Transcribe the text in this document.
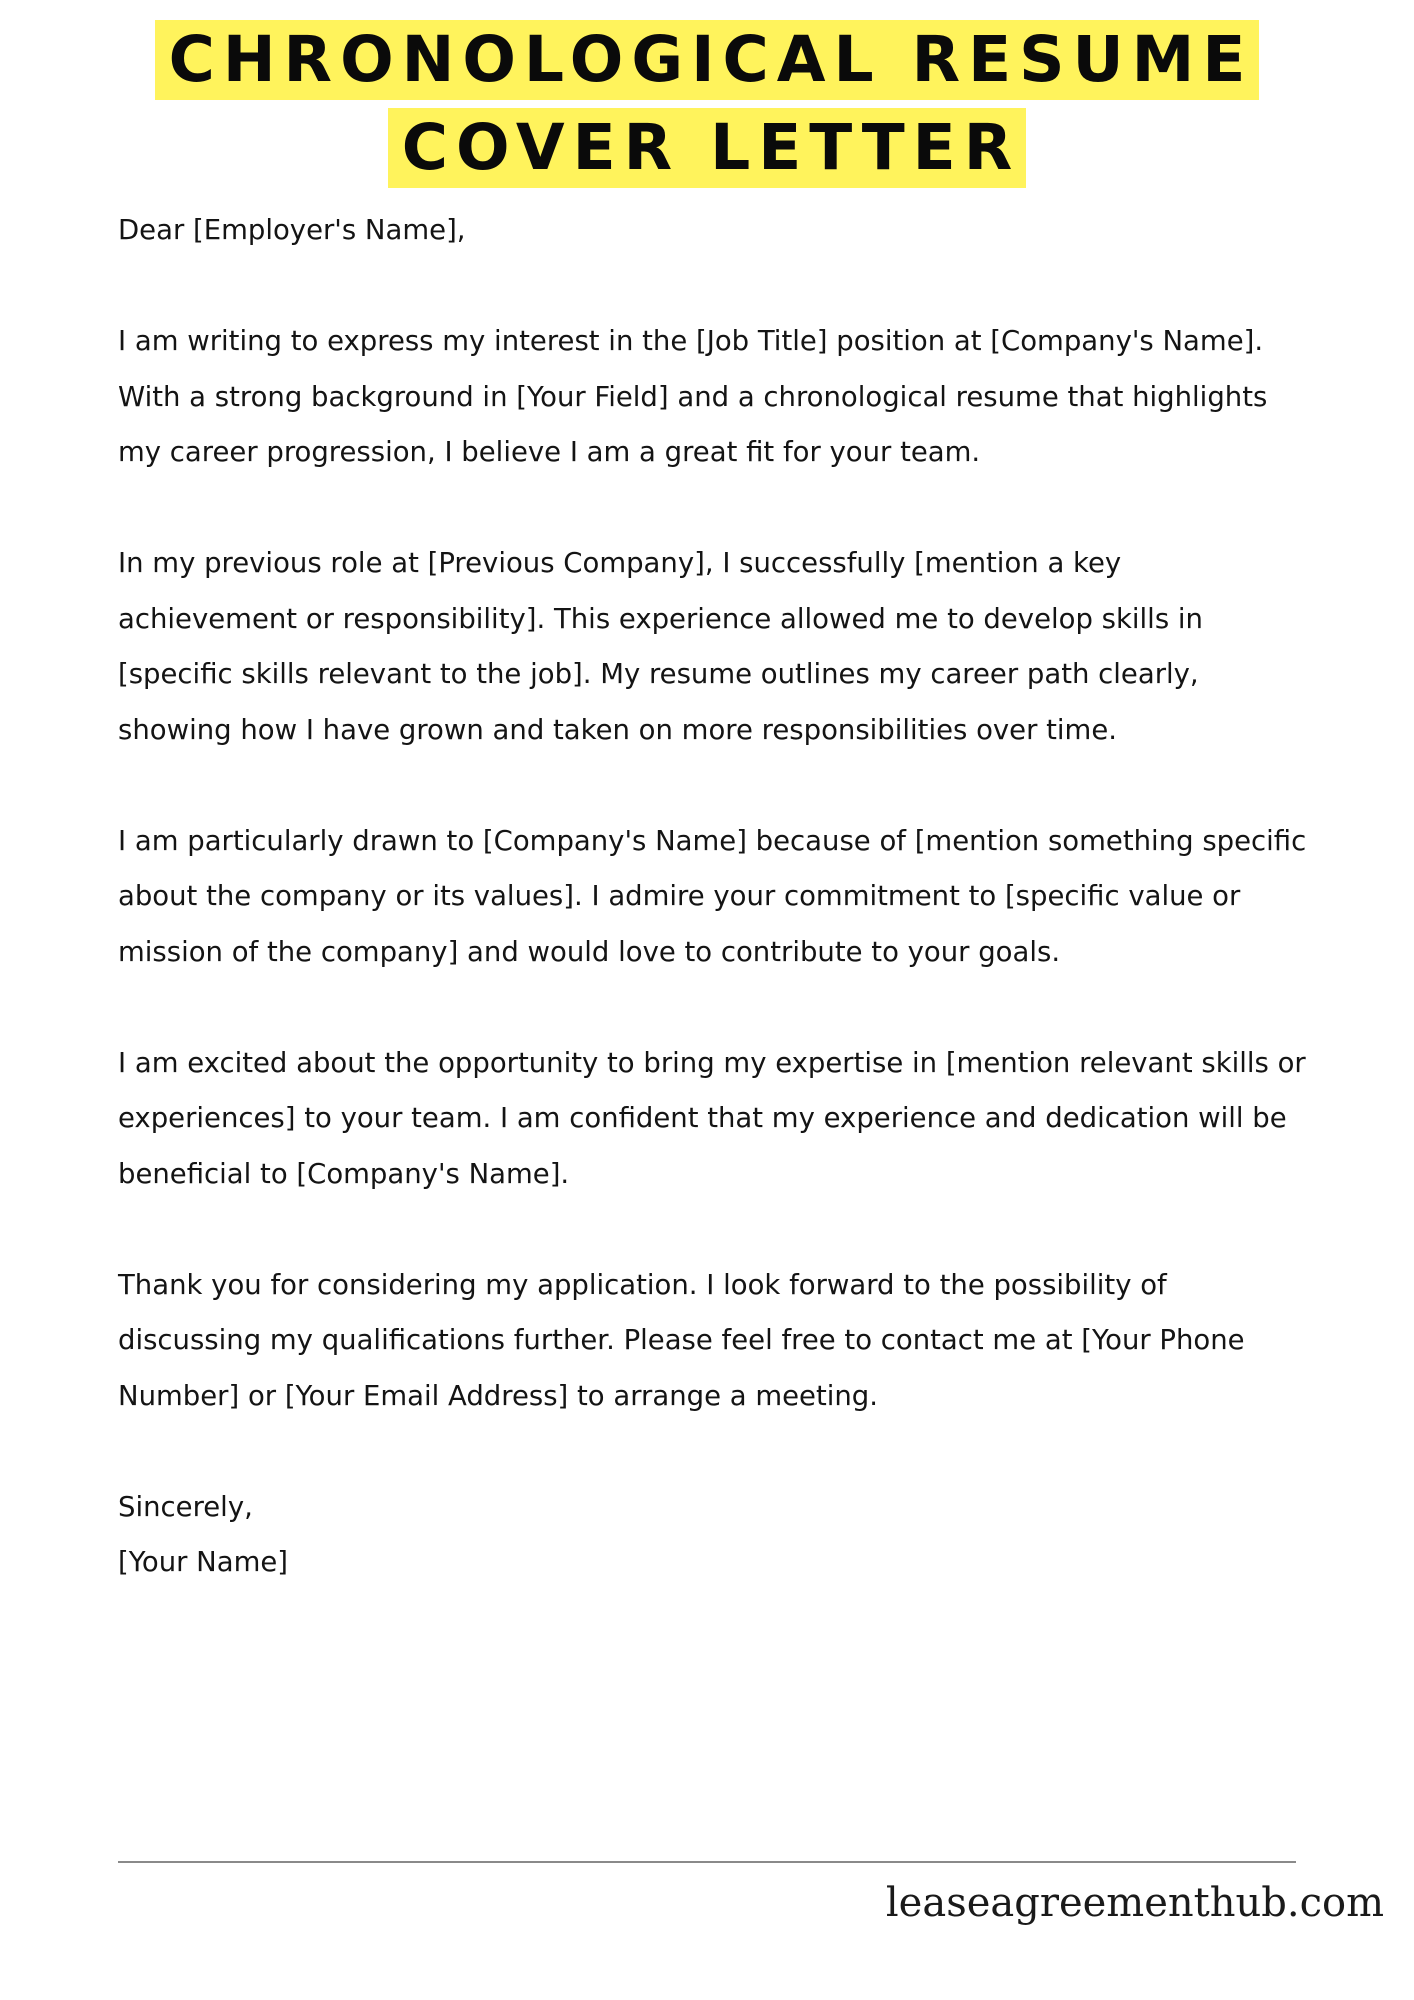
CHRONOLOGICAL RESUME
COVER LETTER

Dear [Employer's Name],

I am writing to express my interest in the [Job Title] position at [Company's Name]. With a strong background in [Your Field] and a chronological resume that highlights my career progression, I believe I am a great fit for your team.

In my previous role at [Previous Company], I successfully [mention a key achievement or responsibility]. This experience allowed me to develop skills in [specific skills relevant to the job]. My resume outlines my career path clearly, showing how I have grown and taken on more responsibilities over time.

I am particularly drawn to [Company's Name] because of [mention something specific about the company or its values]. I admire your commitment to [specific value or mission of the company] and would love to contribute to your goals.

I am excited about the opportunity to bring my expertise in [mention relevant skills or experiences] to your team. I am confident that my experience and dedication will be beneficial to [Company's Name].

Thank you for considering my application. I look forward to the possibility of discussing my qualifications further. Please feel free to contact me at [Your Phone Number] or [Your Email Address] to arrange a meeting.

Sincerely,

[Your Name]

leaseagreementhub.com
